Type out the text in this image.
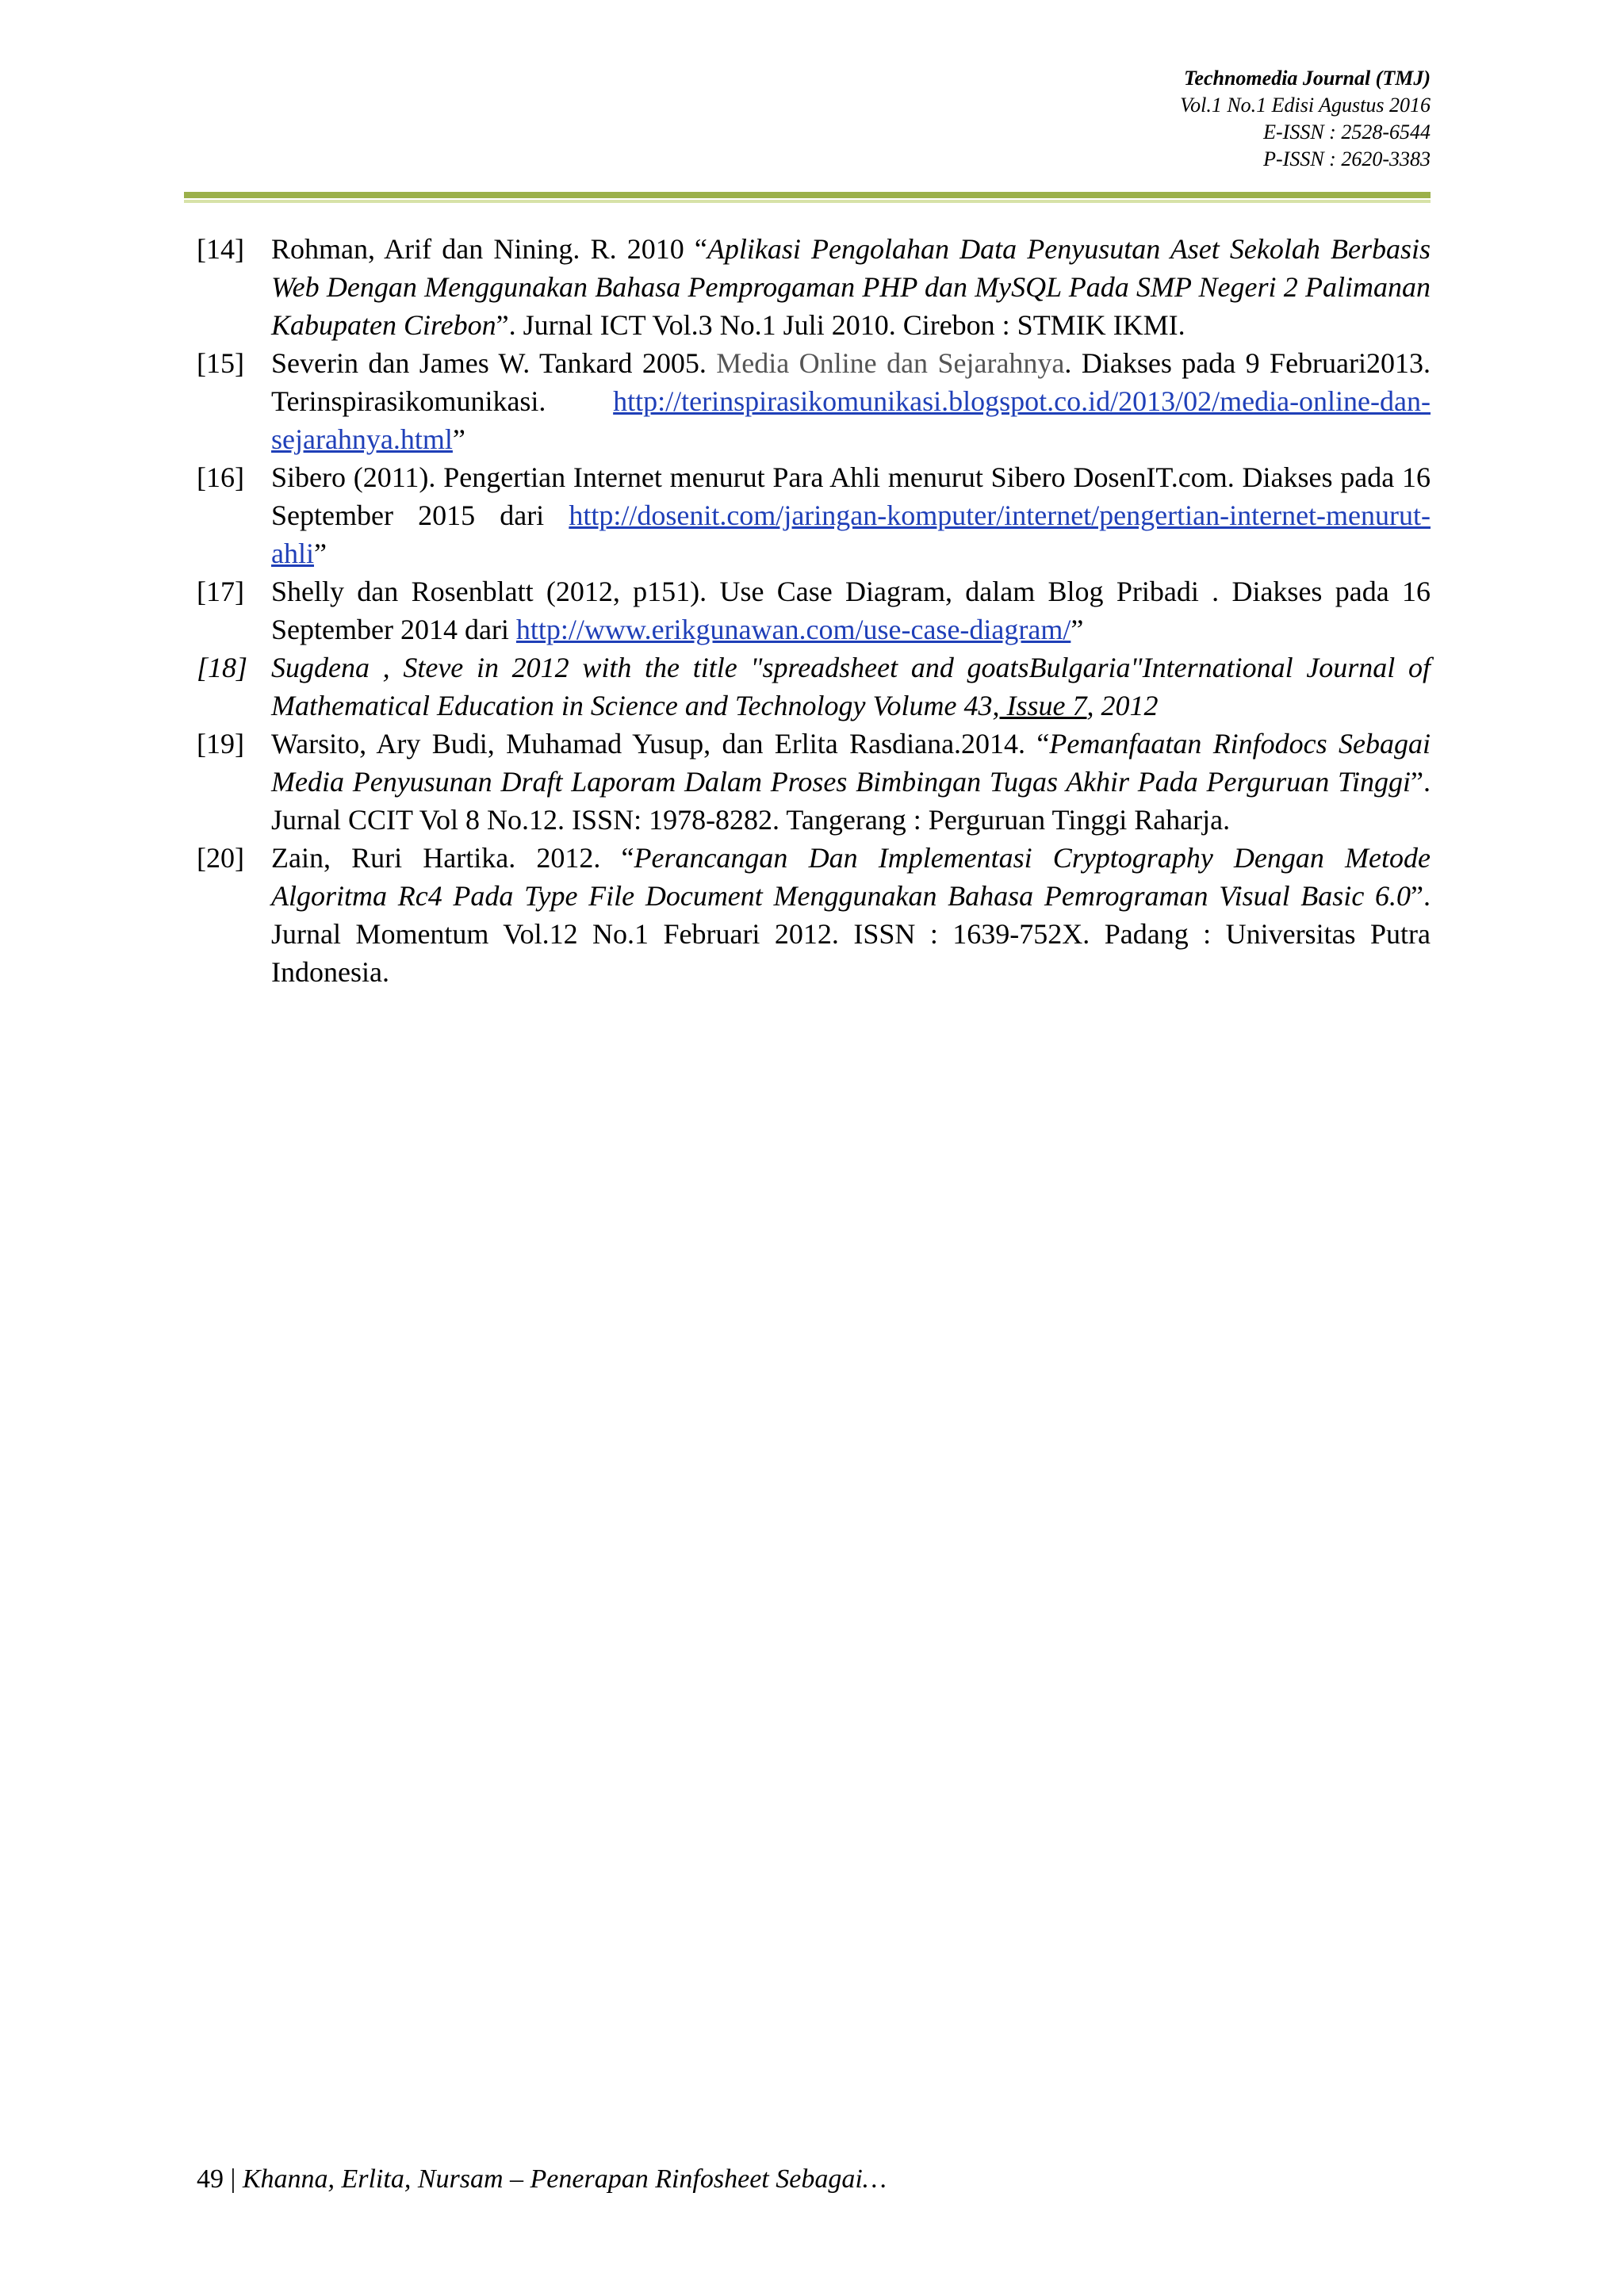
Technomedia Journal (TMJ)
Vol.1 No.1 Edisi Agustus 2016
E-ISSN : 2528-6544
P-ISSN : 2620-3383
[14] Rohman, Arif dan Nining. R. 2010 “Aplikasi Pengolahan Data Penyusutan Aset Sekolah Berbasis Web Dengan Menggunakan Bahasa Pemprogaman PHP dan MySQL Pada SMP Negeri 2 Palimanan Kabupaten Cirebon”. Jurnal ICT Vol.3 No.1 Juli 2010. Cirebon : STMIK IKMI.
[15] Severin dan James W. Tankard 2005. Media Online dan Sejarahnya. Diakses pada 9 Februari2013. Terinspirasikomunikasi. http://terinspirasikomunikasi.blogspot.co.id/2013/02/media-online-dan-sejarahnya.html”
[16] Sibero (2011). Pengertian Internet menurut Para Ahli menurut Sibero DosenIT.com. Diakses pada 16 September 2015 dari http://dosenit.com/jaringan-komputer/internet/pengertian-internet-menurut-ahli”
[17] Shelly dan Rosenblatt (2012, p151). Use Case Diagram, dalam Blog Pribadi . Diakses pada 16 September 2014 dari http://www.erikgunawan.com/use-case-diagram/”
[18] Sugdena , Steve in 2012 with the title "spreadsheet and goatsBulgaria"International Journal of Mathematical Education in Science and Technology Volume 43, Issue 7, 2012
[19] Warsito, Ary Budi, Muhamad Yusup, dan Erlita Rasdiana.2014. “Pemanfaatan Rinfodocs Sebagai Media Penyusunan Draft Laporam Dalam Proses Bimbingan Tugas Akhir Pada Perguruan Tinggi”. Jurnal CCIT Vol 8 No.12. ISSN: 1978-8282. Tangerang : Perguruan Tinggi Raharja.
[20] Zain, Ruri Hartika. 2012. “Perancangan Dan Implementasi Cryptography Dengan Metode Algoritma Rc4 Pada Type File Document Menggunakan Bahasa Pemrograman Visual Basic 6.0”. Jurnal Momentum Vol.12 No.1 Februari 2012. ISSN : 1639-752X. Padang : Universitas Putra Indonesia.
49 | Khanna, Erlita, Nursam – Penerapan Rinfosheet Sebagai…
